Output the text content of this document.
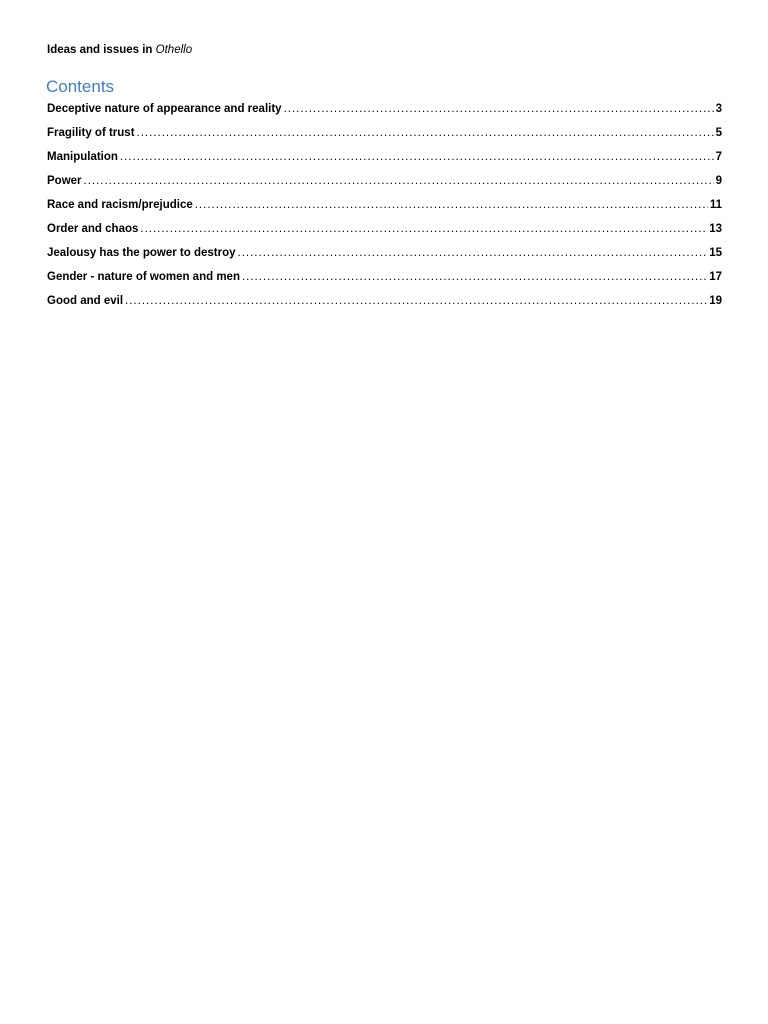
Ideas and issues in Othello
Contents
Deceptive nature of appearance and reality .....	3
Fragility of trust .....	5
Manipulation .....	7
Power .....	9
Race and racism/prejudice .....	11
Order and chaos .....	13
Jealousy has the power to destroy .....	15
Gender - nature of women and men .....	17
Good and evil .....	19
